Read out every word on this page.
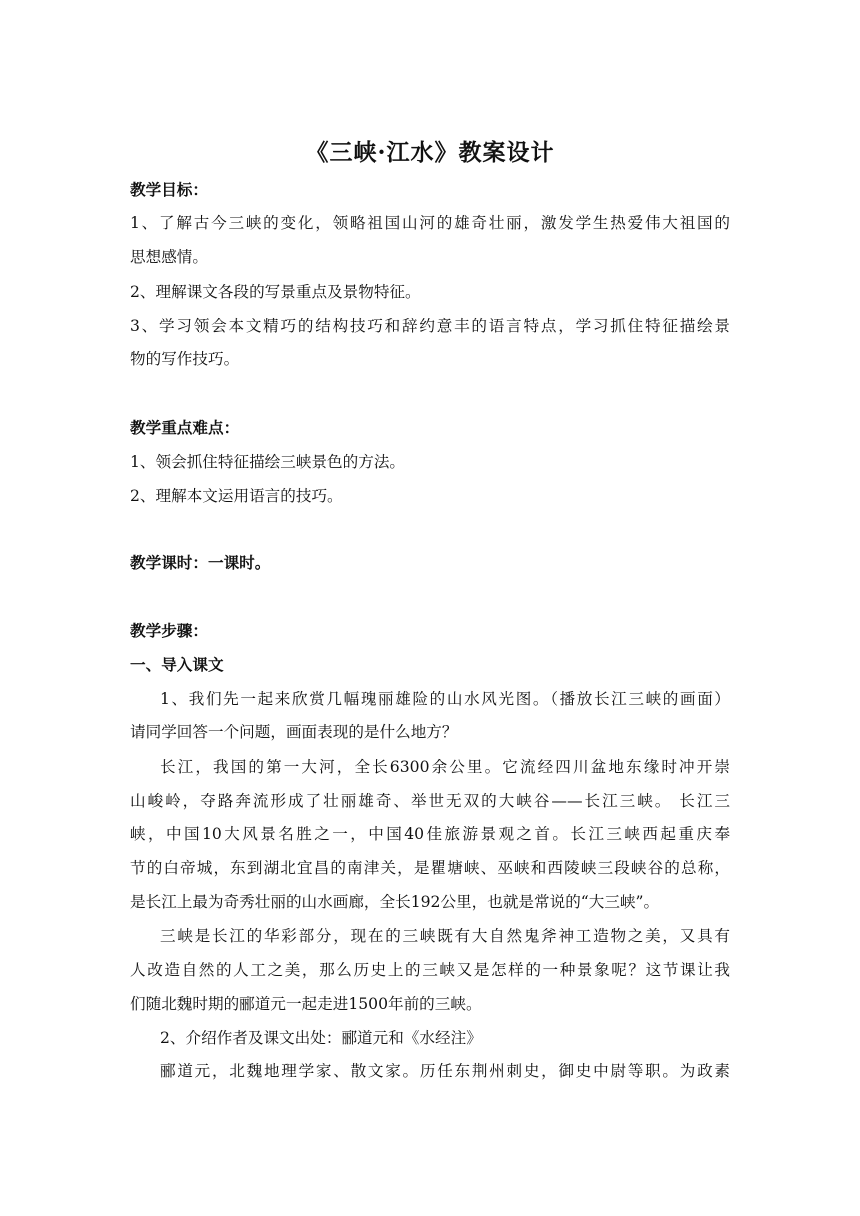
《三峡·江水》教案设计

教学目标：

1、了解古今三峡的变化，领略祖国山河的雄奇壮丽，激发学生热爱伟大祖国的

思想感情。

2、理解课文各段的写景重点及景物特征。

3、学习领会本文精巧的结构技巧和辞约意丰的语言特点，学习抓住特征描绘景

物的写作技巧。

教学重点难点：

1、领会抓住特征描绘三峡景色的方法。

2、理解本文运用语言的技巧。

教学课时：一课时。

教学步骤：

一、导入课文

1、我们先一起来欣赏几幅瑰丽雄险的山水风光图。（播放长江三峡的画面）

请同学回答一个问题，画面表现的是什么地方？

长江，我国的第一大河，全长6300余公里。它流经四川盆地东缘时冲开崇

山峻岭，夺路奔流形成了壮丽雄奇、举世无双的大峡谷——长江三峡。 长江三

峡，中国10大风景名胜之一，中国40佳旅游景观之首。长江三峡西起重庆奉

节的白帝城，东到湖北宜昌的南津关，是瞿塘峡、巫峡和西陵峡三段峡谷的总称，

是长江上最为奇秀壮丽的山水画廊，全长192公里，也就是常说的“大三峡”。

三峡是长江的华彩部分，现在的三峡既有大自然鬼斧神工造物之美，又具有

人改造自然的人工之美，那么历史上的三峡又是怎样的一种景象呢？这节课让我

们随北魏时期的郦道元一起走进1500年前的三峡。

2、介绍作者及课文出处：郦道元和《水经注》

郦道元，北魏地理学家、散文家。历任东荆州刺史，御史中尉等职。为政素
